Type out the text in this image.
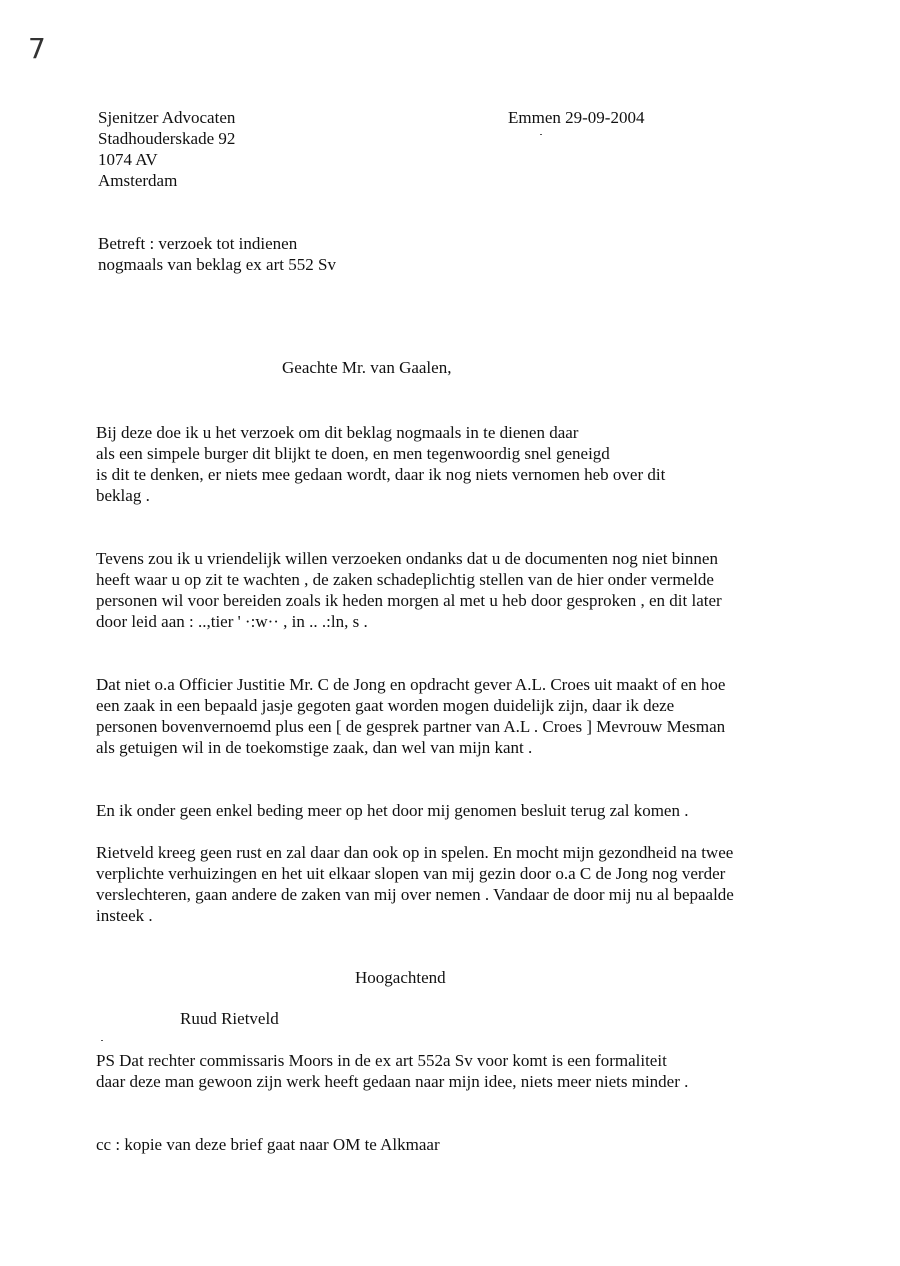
7
Sjenitzer Advocaten
Stadhouderskade 92
1074 AV
Amsterdam
Emmen 29-09-2004
Betreft : verzoek tot indienen
nogmaals van beklag ex art 552 Sv
Geachte Mr. van Gaalen,
Bij deze doe ik u het verzoek om dit beklag nogmaals in te dienen daar
als een simpele burger dit blijkt te doen, en men tegenwoordig snel geneigd
is dit te denken, er niets mee gedaan wordt, daar ik nog niets vernomen heb over dit
beklag .
Tevens zou ik u vriendelijk willen verzoeken ondanks dat u de documenten nog niet binnen
heeft waar u op zit te wachten , de zaken schadeplichtig stellen van de hier onder vermelde
personen wil voor bereiden zoals ik heden morgen al met u heb door gesproken , en dit later
door leid aan : ..,tier ' ·:w·· , in .. .:ln, s .
Dat niet o.a Officier Justitie Mr. C de Jong en opdracht gever A.L. Croes uit maakt of en hoe
een zaak in een bepaald jasje gegoten gaat worden mogen duidelijk zijn, daar ik deze
personen bovenvernoemd plus een [ de gesprek partner van A.L . Croes ] Mevrouw Mesman
als getuigen wil in de toekomstige zaak, dan wel van mijn kant .
En ik onder geen enkel beding meer op het door mij genomen besluit terug zal komen .
Rietveld kreeg geen rust en zal daar dan ook op in spelen. En mocht mijn gezondheid na twee
verplichte verhuizingen en het uit elkaar slopen van mij gezin door o.a C de Jong nog verder
verslechteren, gaan andere de zaken van mij over nemen . Vandaar de door mij nu al bepaalde
insteek .
Hoogachtend
Ruud Rietveld
PS Dat rechter commissaris Moors in de ex art 552a Sv voor komt is een formaliteit
daar deze man gewoon zijn werk heeft gedaan naar mijn idee, niets meer niets minder .
cc : kopie van deze brief gaat naar OM te Alkmaar
